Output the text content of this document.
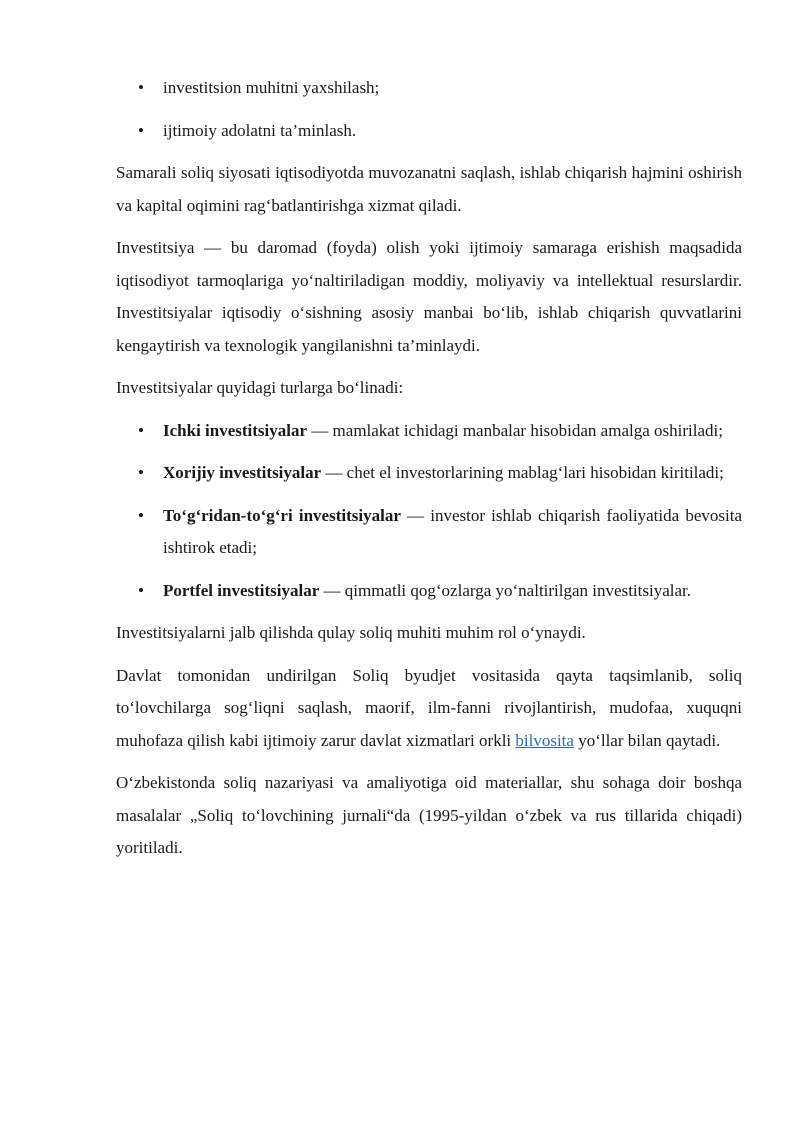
• investitsion muhitni yaxshilash;
• ijtimoiy adolatni ta’minlash.

Samarali soliq siyosati iqtisodiyotda muvozanatni saqlash, ishlab chiqarish hajmini oshirish va kapital oqimini rag‘batlantirishga xizmat qiladi.

Investitsiya — bu daromad (foyda) olish yoki ijtimoiy samaraga erishish maqsadida iqtisodiyot tarmoqlariga yo‘naltiriladigan moddiy, moliyaviy va intellektual resurslardir. Investitsiyalar iqtisodiy o‘sishning asosiy manbai bo‘lib, ishlab chiqarish quvvatlarini kengaytirish va texnologik yangilanishni ta’minlaydi.

Investitsiyalar quyidagi turlarga bo‘linadi:

• Ichki investitsiyalar — mamlakat ichidagi manbalar hisobidan amalga oshiriladi;
• Xorijiy investitsiyalar — chet el investorlarining mablag‘lari hisobidan kiritiladi;
• To‘g‘ridan-to‘g‘ri investitsiyalar — investor ishlab chiqarish faoliyatida bevosita ishtirok etadi;
• Portfel investitsiyalar — qimmatli qog‘ozlarga yo‘naltirilgan investitsiyalar.

Investitsiyalarni jalb qilishda qulay soliq muhiti muhim rol o‘ynaydi.

Davlat tomonidan undirilgan Soliq byudjet vositasida qayta taqsimlanib, soliq to‘lovchilarga sog‘liqni saqlash, maorif, ilm-fanni rivojlantirish, mudofaa, xuquqni muhofaza qilish kabi ijtimoiy zarur davlat xizmatlari orkli bilvosita yo‘llar bilan qaytadi.

O‘zbekistonda soliq nazariyasi va amaliyotiga oid materiallar, shu sohaga doir boshqa masalalar „Soliq to‘lovchining jurnali“da (1995-yildan o‘zbek va rus tillarida chiqadi) yoritiladi.
